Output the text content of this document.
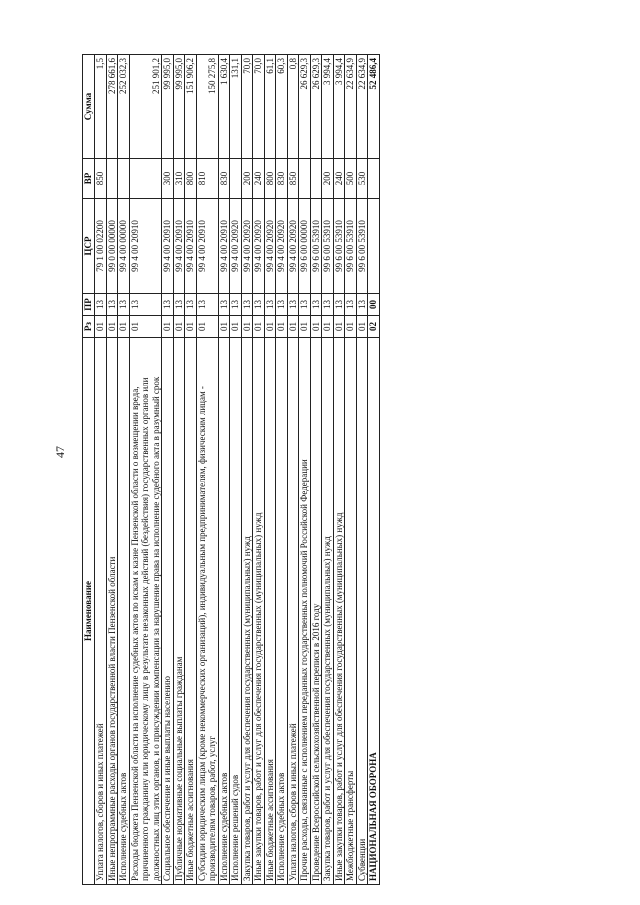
47
Наименование	Рз	ПР	ЦСР	ВР	Сумма
Уплата налогов, сборов и иных платежей	01	13	79 1 00 02200	850	1,5
Иные непрограммные расходы органов государственной власти Пензенской области	01	13	99 0 00 00000		278 661,6
Исполнение судебных актов	01	13	99 4 00 00000		252 032,3
Расходы бюджета Пензенской области на исполнение судебных актов по искам к казне Пензенской области о возмещении вреда, причиненного гражданину или юридическому лицу в результате незаконных действий (бездействия) государственных органов или должностных лиц этих органов, и о присуждении компенсации за нарушение права на исполнение судебного акта в разумный срок	01	13	99 4 00 20910		251 901,2
Социальное обеспечение и иные выплаты населению	01	13	99 4 00 20910	300	99 995,0
Публичные нормативные социальные выплаты гражданам	01	13	99 4 00 20910	310	99 995,0
Иные бюджетные ассигнования	01	13	99 4 00 20910	800	151 906,2
Субсидии юридическим лицам (кроме некоммерческих организаций), индивидуальным предпринимателям, физическим лицам - производителям товаров, работ, услуг	01	13	99 4 00 20910	810	150 275,8
Исполнение судебных актов	01	13	99 4 00 20910	830	1 630,4
Исполнение решений судов	01	13	99 4 00 20920		131,1
Закупка товаров, работ и услуг для обеспечения государственных (муниципальных) нужд	01	13	99 4 00 20920	200	70,0
Иные закупки товаров, работ и услуг для обеспечения государственных (муниципальных) нужд	01	13	99 4 00 20920	240	70,0
Иные бюджетные ассигнования	01	13	99 4 00 20920	800	61,1
Исполнение судебных актов	01	13	99 4 00 20920	830	60,3
Уплата налогов, сборов и иных платежей	01	13	99 4 00 20920	850	0,8
Прочие расходы, связанные с исполнением переданных государственных полномочий Российской Федерации	01	13	99 6 00 00000		26 629,3
Проведение Всероссийской сельскохозяйственной переписи в 2016 году	01	13	99 6 00 53910		26 629,3
Закупка товаров, работ и услуг для обеспечения государственных (муниципальных) нужд	01	13	99 6 00 53910	200	3 994,4
Иные закупки товаров, работ и услуг для обеспечения государственных (муниципальных) нужд	01	13	99 6 00 53910	240	3 994,4
Межбюджетные трансферты	01	13	99 6 00 53910	500	22 634,9
Субвенции	01	13	99 6 00 53910	530	22 634,9
НАЦИОНАЛЬНАЯ ОБОРОНА	02	00			52 486,4
